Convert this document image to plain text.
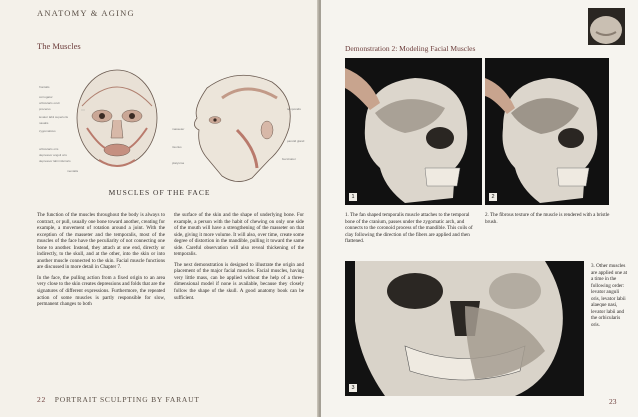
ANATOMY & AGING
The Muscles
frontalis
corrugator
orbicularis oculi
procerus
levator labii superioris
nasalis
zygomaticus
orbicularis oris
depressor anguli oris
depressor labii inferioris
mentalis
temporalis
masseter
risorius
platysma
parotid gland
buccinator
MUSCLES OF THE FACE

The function of the muscles throughout the body is always to contract, or pull, usually one bone toward another, creating for example, a movement of rotation around a joint. With the exception of the masseter and the temporalis, most of the muscles of the face have the peculiarity of not connecting one bone to another. Instead, they attach at one end, directly or indirectly, to the skull, and at the other, into the skin or into another muscle connected to the skin. Facial muscle functions are discussed in more detail in Chapter 7.

In the face, the pulling action from a fixed origin to an area very close to the skin creates depressions and folds that are the signatures of different expressions. Furthermore, the repeated action of some muscles is partly responsible for slow, permanent changes to both

the surface of the skin and the shape of underlying bone. For example, a person with the habit of chewing on only one side of the mouth will have a strengthening of the masseter on that side, giving it more volume. It will also, over time, create some degree of distortion in the mandible, pulling it toward the same side. Careful observation will also reveal thickening of the temporalis.

The next demonstration is designed to illustrate the origin and placement of the major facial muscles. Facial muscles, having very little mass, can be applied without the help of a three-dimensional model if none is available, because they closely follow the shape of the skull. A good anatomy book can be sufficient.

22 PORTRAIT SCULPTING BY FARAUT
Demonstration 2: Modeling Facial Muscles
1	2
1. The fan shaped temporalis muscle attaches to the temporal bone of the cranium, passes under the zygomatic arch, and connects to the coronoid process of the mandible. This coils of clay following the direction of the fibers are applied and then flattened.
2. The fibrous texture of the muscle is rendered with a bristle brush.
3
3. Other muscles are applied one at a time in the following order: levator anguli oris, levator labii alaeque nasi, levator labii and the orbicularis oris.
23
